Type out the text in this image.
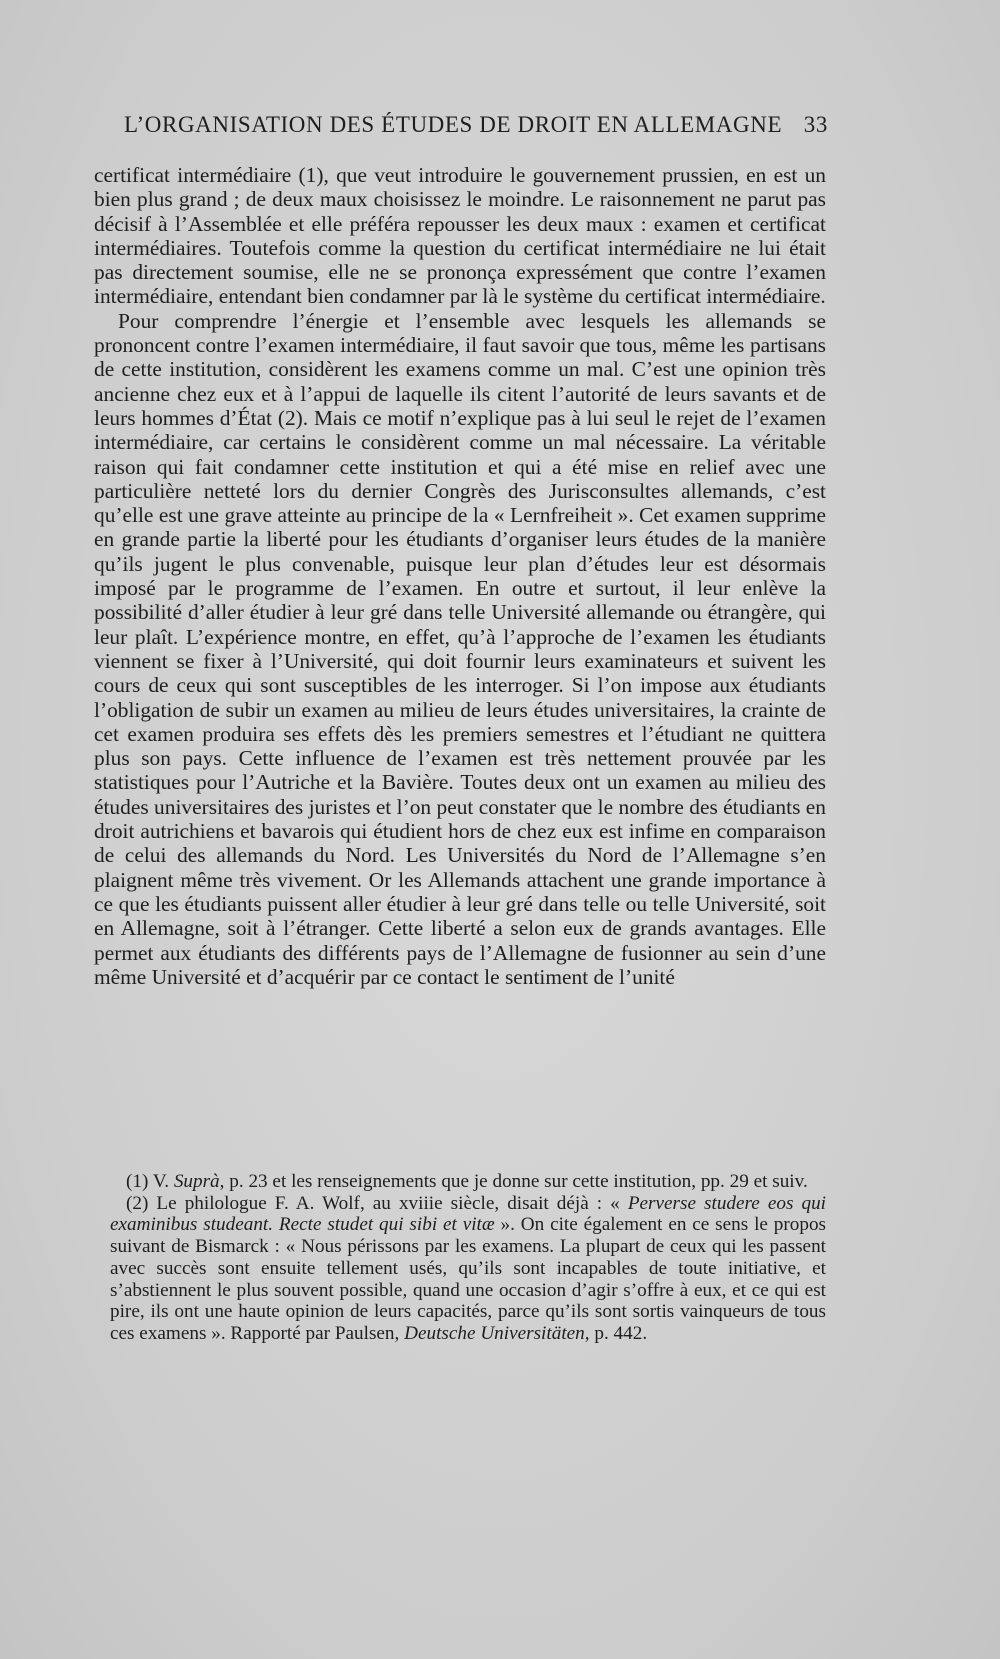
L’ORGANISATION DES ÉTUDES DE DROIT EN ALLEMAGNE 33

certificat intermédiaire (1), que veut introduire le gouvernement prussien, en est un bien plus grand ; de deux maux choisissez le moindre. Le raisonnement ne parut pas décisif à l’Assemblée et elle préféra repousser les deux maux : examen et certificat intermédiaires. Toutefois comme la question du certificat intermédiaire ne lui était pas directement soumise, elle ne se prononça expressément que contre l’examen intermédiaire, entendant bien condamner par là le système du certificat intermédiaire.

Pour comprendre l’énergie et l’ensemble avec lesquels les allemands se prononcent contre l’examen intermédiaire, il faut savoir que tous, même les partisans de cette institution, considèrent les examens comme un mal. C’est une opinion très ancienne chez eux et à l’appui de laquelle ils citent l’autorité de leurs savants et de leurs hommes d’État (2). Mais ce motif n’explique pas à lui seul le rejet de l’examen intermédiaire, car certains le considèrent comme un mal nécessaire. La véritable raison qui fait condamner cette institution et qui a été mise en relief avec une particulière netteté lors du dernier Congrès des Jurisconsultes allemands, c’est qu’elle est une grave atteinte au principe de la « Lernfreiheit ». Cet examen supprime en grande partie la liberté pour les étudiants d’organiser leurs études de la manière qu’ils jugent le plus convenable, puisque leur plan d’études leur est désormais imposé par le programme de l’examen. En outre et surtout, il leur enlève la possibilité d’aller étudier à leur gré dans telle Université allemande ou étrangère, qui leur plaît. L’expérience montre, en effet, qu’à l’approche de l’examen les étudiants viennent se fixer à l’Université, qui doit fournir leurs examinateurs et suivent les cours de ceux qui sont susceptibles de les interroger. Si l’on impose aux étudiants l’obligation de subir un examen au milieu de leurs études universitaires, la crainte de cet examen produira ses effets dès les premiers semestres et l’étudiant ne quittera plus son pays. Cette influence de l’examen est très nettement prouvée par les statistiques pour l’Autriche et la Bavière. Toutes deux ont un examen au milieu des études universitaires des juristes et l’on peut constater que le nombre des étudiants en droit autrichiens et bavarois qui étudient hors de chez eux est infime en comparaison de celui des allemands du Nord. Les Universités du Nord de l’Allemagne s’en plaignent même très vivement. Or les Allemands attachent une grande importance à ce que les étudiants puissent aller étudier à leur gré dans telle ou telle Université, soit en Allemagne, soit à l’étranger. Cette liberté a selon eux de grands avantages. Elle permet aux étudiants des différents pays de l’Allemagne de fusionner au sein d’une même Université et d’acquérir par ce contact le sentiment de l’unité

(1) V. Suprà, p. 23 et les renseignements que je donne sur cette institution, pp. 29 et suiv.

(2) Le philologue F. A. Wolf, au xviiie siècle, disait déjà : « Perverse studere eos qui examinibus studeant. Recte studet qui sibi et vitæ ». On cite également en ce sens le propos suivant de Bismarck : « Nous périssons par les examens. La plupart de ceux qui les passent avec succès sont ensuite tellement usés, qu’ils sont incapables de toute initiative, et s’abstiennent le plus souvent possible, quand une occasion d’agir s’offre à eux, et ce qui est pire, ils ont une haute opinion de leurs capacités, parce qu’ils sont sortis vainqueurs de tous ces examens ». Rapporté par Paulsen, Deutsche Universitäten, p. 442.
